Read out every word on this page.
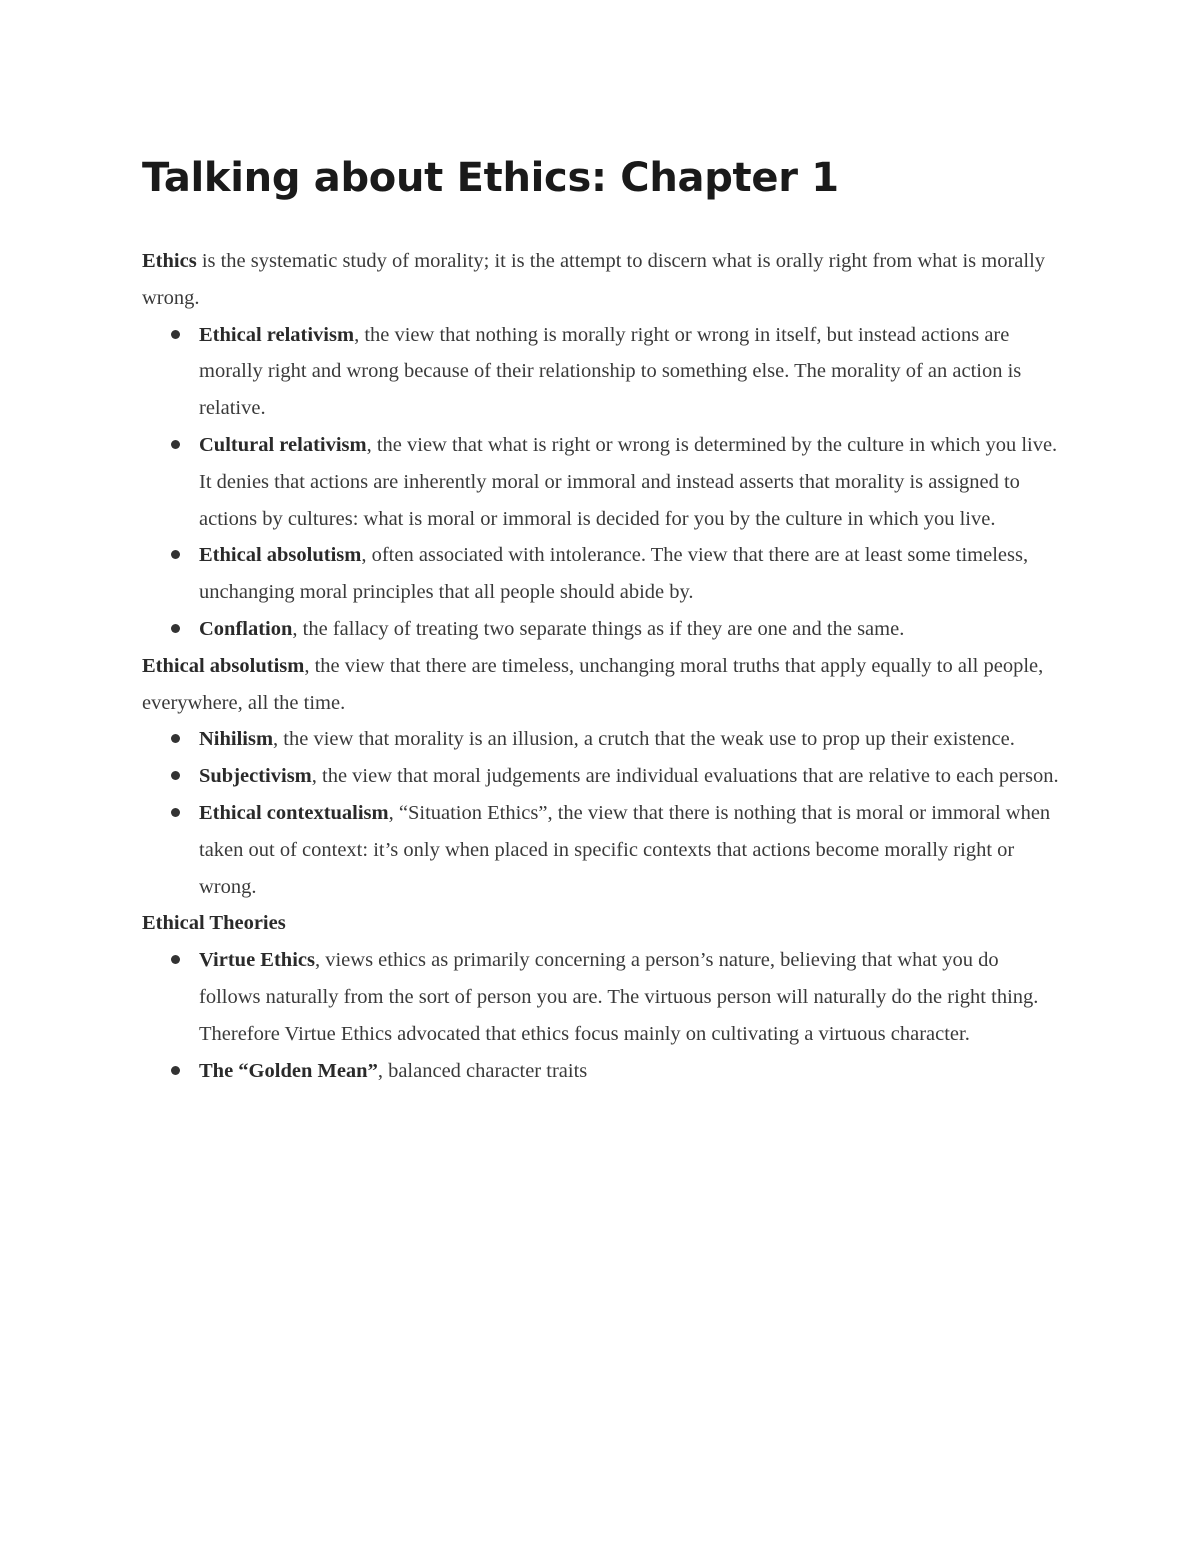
Talking about Ethics: Chapter 1

Ethics is the systematic study of morality; it is the attempt to discern what is orally right from what is morally wrong.

Ethical relativism, the view that nothing is morally right or wrong in itself, but instead actions are morally right and wrong because of their relationship to something else. The morality of an action is relative.
Cultural relativism, the view that what is right or wrong is determined by the culture in which you live. It denies that actions are inherently moral or immoral and instead asserts that morality is assigned to actions by cultures: what is moral or immoral is decided for you by the culture in which you live.
Ethical absolutism, often associated with intolerance. The view that there are at least some timeless, unchanging moral principles that all people should abide by.
Conflation, the fallacy of treating two separate things as if they are one and the same.

Ethical absolutism, the view that there are timeless, unchanging moral truths that apply equally to all people, everywhere, all the time.

Nihilism, the view that morality is an illusion, a crutch that the weak use to prop up their existence.
Subjectivism, the view that moral judgements are individual evaluations that are relative to each person.
Ethical contextualism, “Situation Ethics”, the view that there is nothing that is moral or immoral when taken out of context: it’s only when placed in specific contexts that actions become morally right or wrong.

Ethical Theories

Virtue Ethics, views ethics as primarily concerning a person’s nature, believing that what you do follows naturally from the sort of person you are. The virtuous person will naturally do the right thing. Therefore Virtue Ethics advocated that ethics focus mainly on cultivating a virtuous character.
The “Golden Mean”, balanced character traits
